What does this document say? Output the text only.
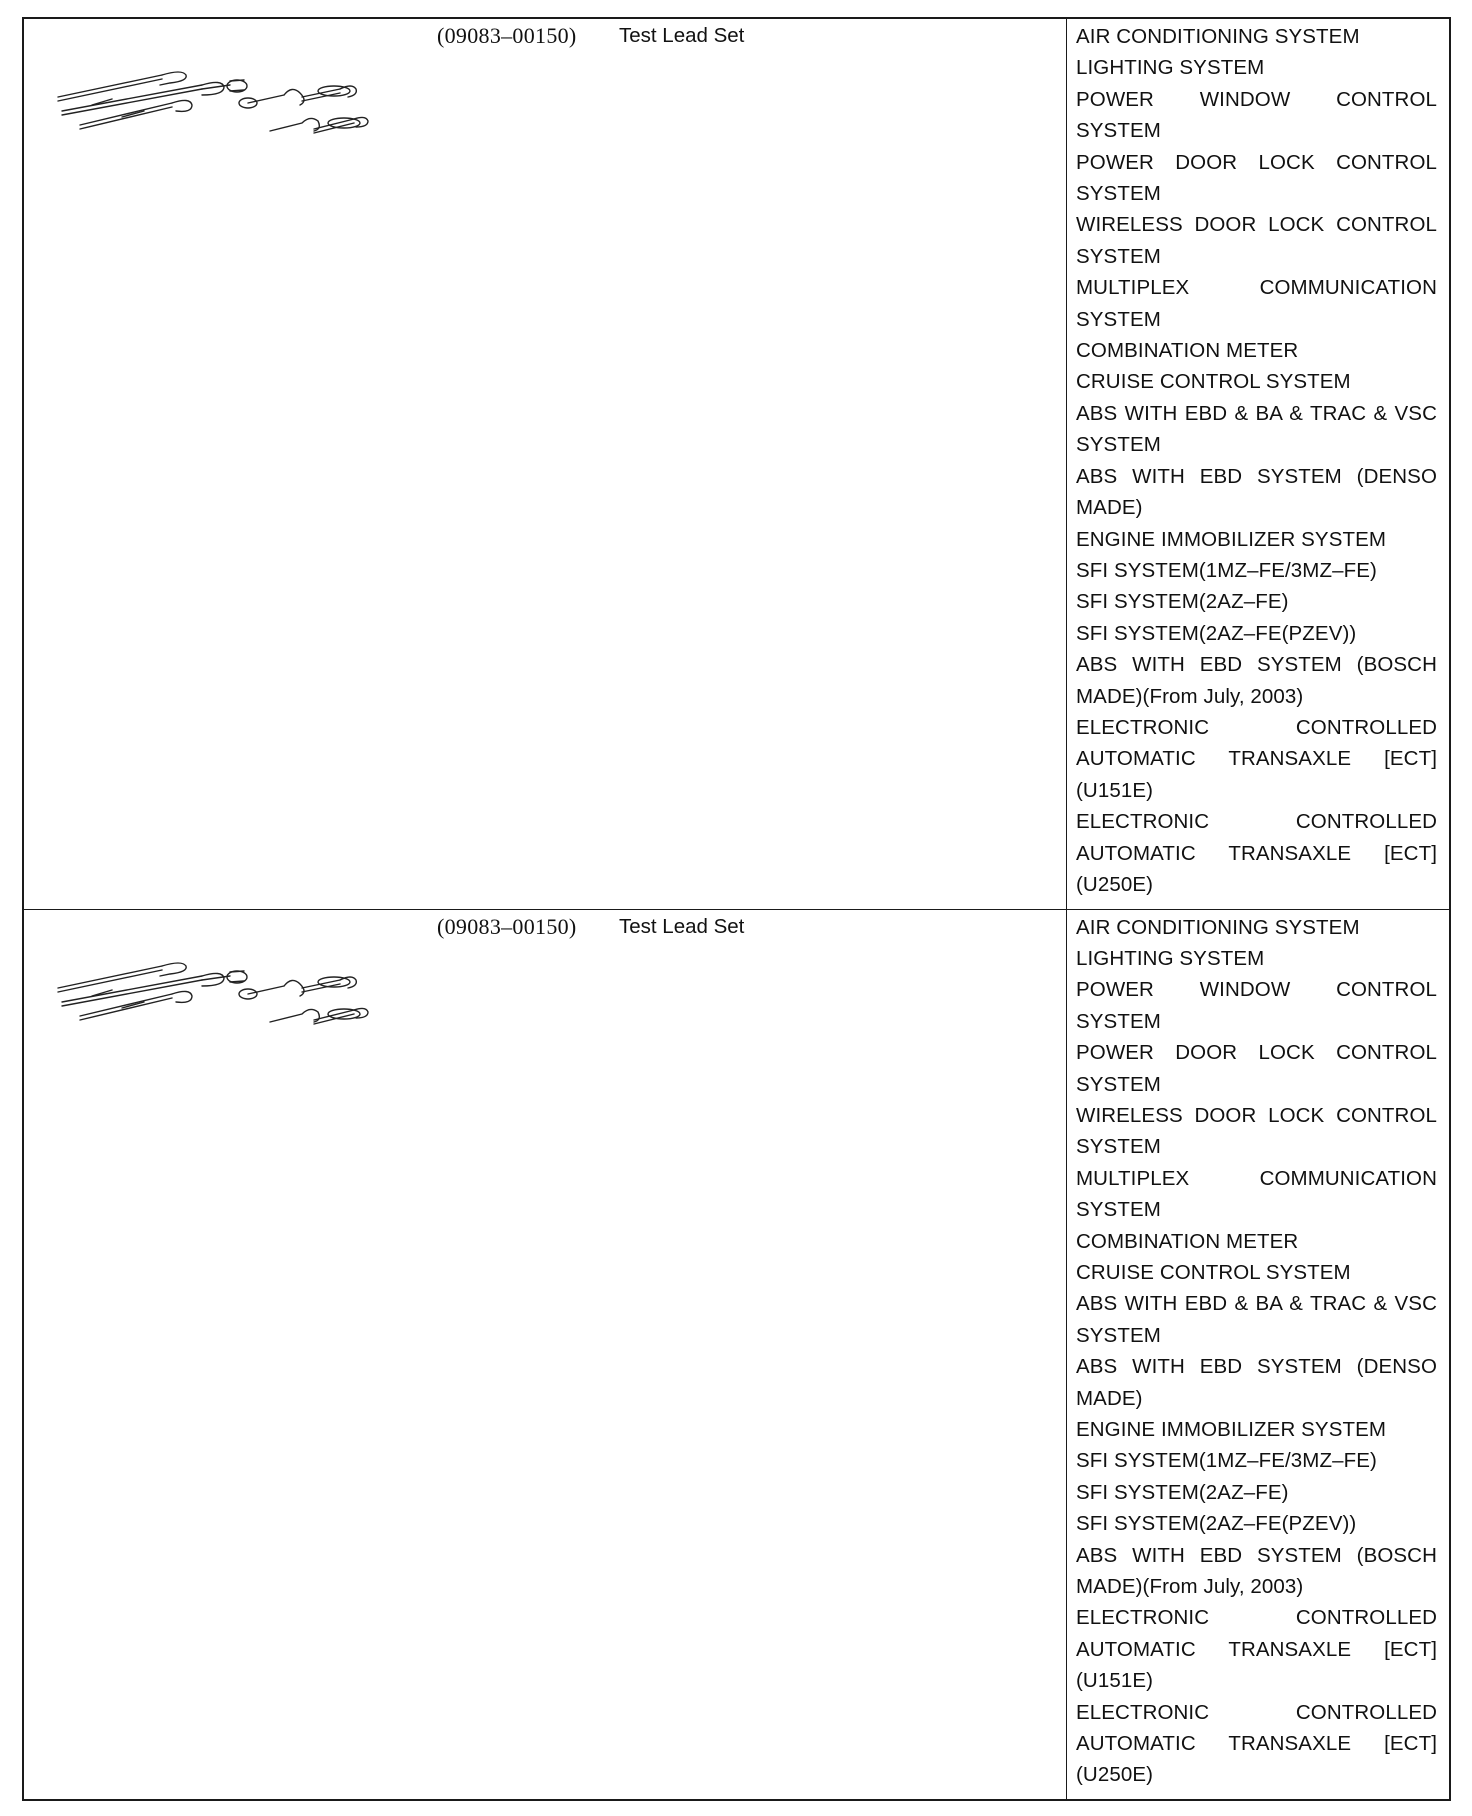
(09083–00150) Test Lead Set	AIR CONDITIONING SYSTEM
LIGHTING SYSTEM
POWER WINDOW CONTROL SYSTEM
POWER DOOR LOCK CONTROL SYSTEM
WIRELESS DOOR LOCK CONTROL SYSTEM
MULTIPLEX COMMUNICATION SYSTEM
COMBINATION METER
CRUISE CONTROL SYSTEM
ABS WITH EBD & BA & TRAC & VSC SYSTEM
ABS WITH EBD SYSTEM (DENSO MADE)
ENGINE IMMOBILIZER SYSTEM
SFI SYSTEM(1MZ–FE/3MZ–FE)
SFI SYSTEM(2AZ–FE)
SFI SYSTEM(2AZ–FE(PZEV))
ABS WITH EBD SYSTEM (BOSCH MADE)(From July, 2003)
ELECTRONIC CONTROLLED AUTOMATIC TRANSAXLE [ECT](U151E)
ELECTRONIC CONTROLLED AUTOMATIC TRANSAXLE [ECT](U250E)
(09083–00150) Test Lead Set	AIR CONDITIONING SYSTEM
LIGHTING SYSTEM
POWER WINDOW CONTROL SYSTEM
POWER DOOR LOCK CONTROL SYSTEM
WIRELESS DOOR LOCK CONTROL SYSTEM
MULTIPLEX COMMUNICATION SYSTEM
COMBINATION METER
CRUISE CONTROL SYSTEM
ABS WITH EBD & BA & TRAC & VSC SYSTEM
ABS WITH EBD SYSTEM (DENSO MADE)
ENGINE IMMOBILIZER SYSTEM
SFI SYSTEM(1MZ–FE/3MZ–FE)
SFI SYSTEM(2AZ–FE)
SFI SYSTEM(2AZ–FE(PZEV))
ABS WITH EBD SYSTEM (BOSCH MADE)(From July, 2003)
ELECTRONIC CONTROLLED AUTOMATIC TRANSAXLE [ECT](U151E)
ELECTRONIC CONTROLLED AUTOMATIC TRANSAXLE [ECT](U250E)
